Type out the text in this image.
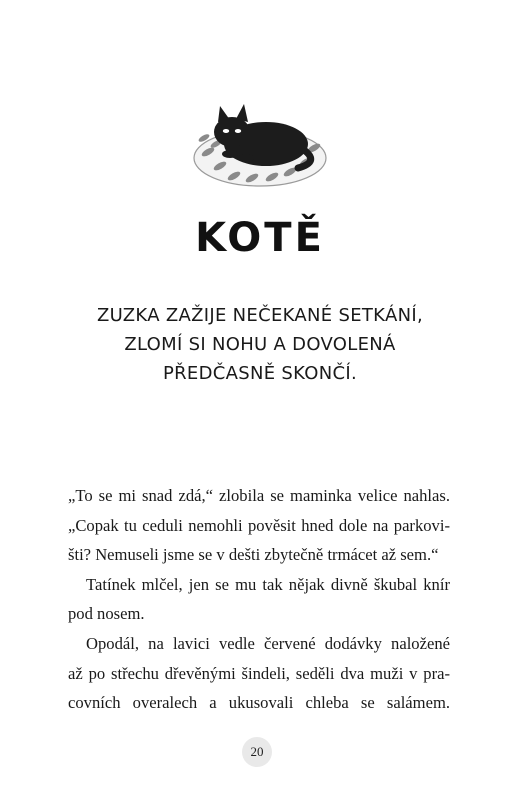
KOTĚ
ZUZKA ZAŽIJE NEČEKANÉ SETKÁNÍ,
ZLOMÍ SI NOHU A DOVOLENÁ
PŘEDČASNĚ SKONČÍ.
„To se mi snad zdá,“ zlobila se maminka velice nahlas.
„Copak tu ceduli nemohli pověsit hned dole na parkovi-
šti? Nemuseli jsme se v dešti zbytečně trmácet až sem.“
Tatínek mlčel, jen se mu tak nějak divně škubal knír
pod nosem.
Opodál, na lavici vedle červené dodávky naložené
až po střechu dřevěnými šindeli, seděli dva muži v pra-
covních overalech a ukusovali chleba se salámem.
20
